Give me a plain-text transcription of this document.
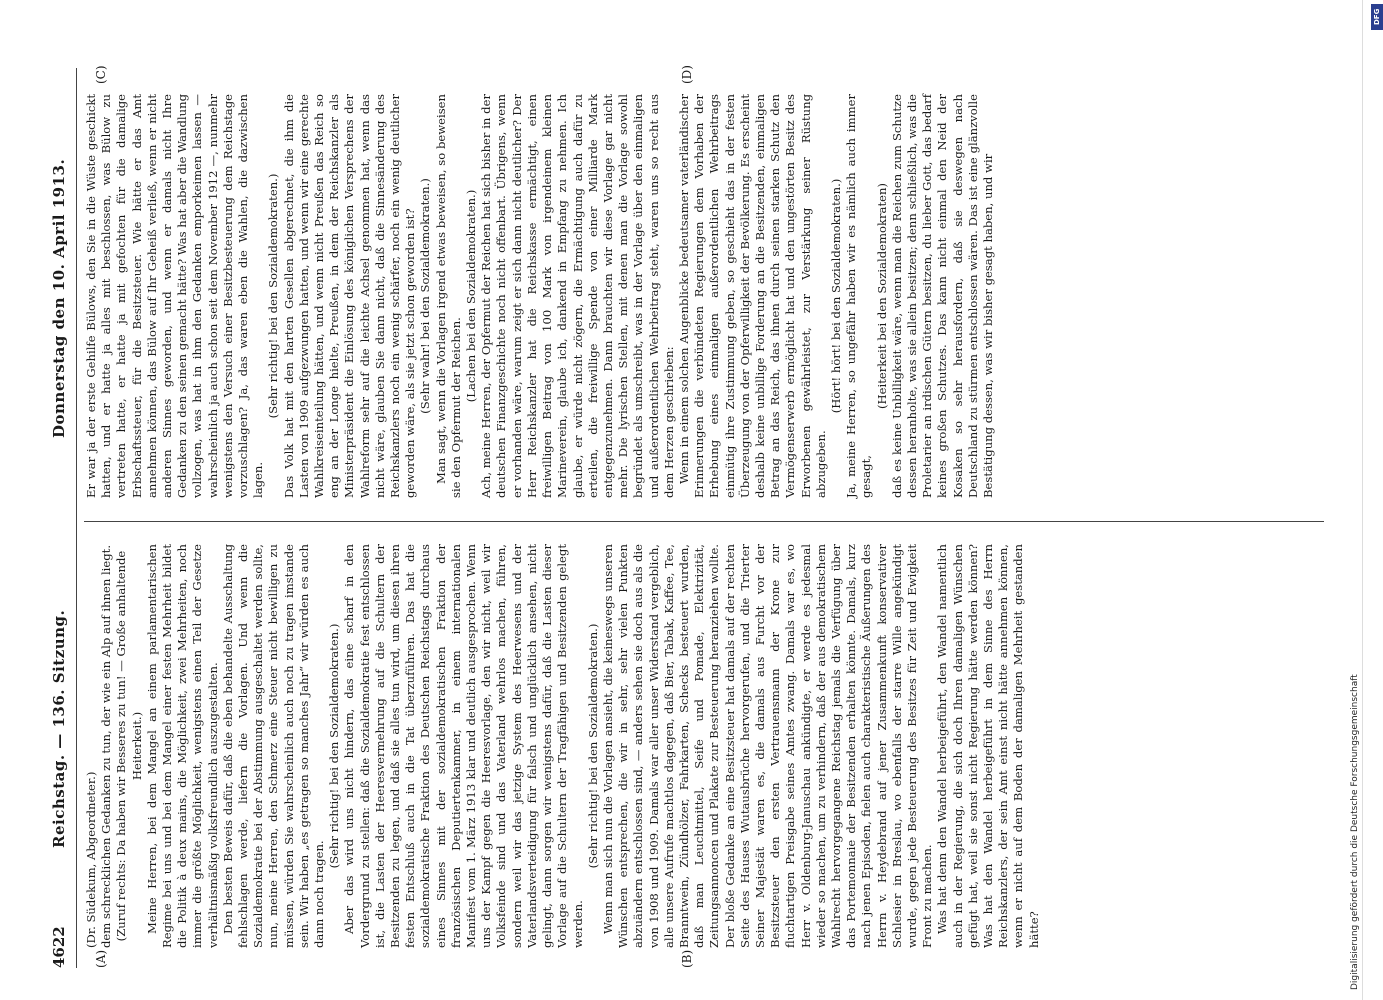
4622
Reichstag. — 136. Sitzung.
Donnerstag den 10. April 1913.
(A)	(B)
(C)	(D)

(Dr. Südekum, Abgeordneter.) dem schrecklichen Gedanken zu tun, der wie ein Alp auf ihnen liegt. (Zuruf rechts: Da haben wir Besseres zu tun! — Große anhaltende Heiterkeit.) Meine Herren, bei dem Mangel an einem parlamentarischen Regime bei uns und bei dem Mangel einer festen Mehrheit bildet die Politik à deux mains, die Möglichkeit, zwei Mehrheiten, noch immer die größte Möglichkeit, wenigstens einen Teil der Gesetze verhältnismäßig volksfreundlich auszugestalten. Den besten Beweis dafür, daß die eben behandelte Ausschaltung fehlschlagen werde, liefern die Vorlagen. Und wenn die Sozialdemokratie bei der Abstimmung ausgeschaltet werden sollte, nun, meine Herren, den Schmerz eine Steuer nicht bewilligen zu müssen, würden Sie wahrscheinlich auch noch zu tragen imstande sein. Wir haben „es getragen so manches Jahr“ wir würden es auch dann noch tragen.

(Sehr richtig! bei den Sozialdemokraten.) Aber das wird uns nicht hindern, das eine scharf in den Vordergrund zu stellen: daß die Sozialdemokratie fest entschlossen ist, die Lasten der Heeresvermehrung auf die Schultern der Besitzenden zu legen, und daß sie alles tun wird, um diesen ihren festen Entschluß auch in die Tat überzuführen. Das hat die sozialdemokratische Fraktion des Deutschen Reichstags durchaus eines Sinnes mit der sozialdemokratischen Fraktion der französischen Deputiertenkammer, in einem internationalen Manifest vom 1. März 1913 klar und deutlich ausgesprochen. Wenn uns der Kampf gegen die Heeresvorlage, den wir nicht, weil wir Volksfeinde sind und das Vaterland wehrlos machen, führen, sondern weil wir das jetzige System des Heerwesens und der Vaterlandsverteidigung für falsch und unglücklich ansehen, nicht gelingt, dann sorgen wir wenigstens dafür, daß die Lasten dieser Vorlage auf die Schultern der Tragfähigen und Besitzenden gelegt werden.

(Sehr richtig! bei den Sozialdemokraten.) Wenn man sich nun die Vorlagen ansieht, die keineswegs unseren Wünschen entsprechen, die wir in sehr, sehr vielen Punkten abzuändern entschlossen sind, — anders sehen sie doch aus als die von 1908 und 1909. Damals war aller unser Widerstand vergeblich, alle unsere Aufrufe machtlos dagegen, daß Bier, Tabak, Kaffee, Tee, Branntwein, Zündhölzer, Fahrkarten, Schecks besteuert wurden, daß man Leuchtmittel, Seife und Pomade, Elektrizität, Zeitungsannoncen und Plakate zur Besteuerung heranziehen wollte. Der bloße Gedanke an eine Besitzsteuer hat damals auf der rechten Seite des Hauses Wutausbrüche hervorgerufen, und die Trierter Seiner Majestät waren es, die damals aus Furcht vor der Besitzsteuer den ersten Vertrauensmann der Krone zur fluchtartigen Preisgabe seines Amtes zwang. Damals war es, wo Herr v. Oldenburg-Januschau ankündigte, er werde es jedesmal wieder so machen, um zu verhindern, daß der aus demokratischem Wahlrecht hervorgegangene Reichstag jemals die Verfügung über das Portemonnaie der Besitzenden erhalten könnte. Damals, kurz nach jenen Episoden, fielen auch charakteristische Äußerungen des Herrn v. Heydebrand auf jener Zusammenkunft konservativer Schlesier in Breslau, wo ebenfalls der starre Wille angekündigt wurde, gegen jede Besteuerung des Besitzes für Zeit und Ewigkeit Front zu machen. Was hat denn den Wandel herbeigeführt, den Wandel namentlich auch in der Regierung, die sich doch Ihren damaligen Wünschen gefügt hat, weil sie sonst nicht Regierung hätte werden können? Was hat den Wandel herbeigeführt in dem Sinne des Herrn Reichskanzlers, der sein Amt einst nicht hätte annehmen können, wenn er nicht auf dem Boden der damaligen Mehrheit gestanden hätte?

Er war ja der erste Gehilfe Bülows, den Sie in die Wüste geschickt hatten, und er hatte ja alles mit beschlossen, was Bülow zu vertreten hatte, er hatte ja mit gefochten für die damalige Erbschaftssteuer, für die Besitzsteuer. Wie hätte er das Amt annehmen können, das Bülow auf Ihr Geheiß verließ, wenn er nicht anderen Sinnes geworden, und wenn er damals nicht Ihre Gedanken zu den seinen gemacht hätte? Was hat aber die Wandlung vollzogen, was hat in ihm den Gedanken emporkeimen lassen — wahrscheinlich ja auch schon seit dem November 1912 —, nunmehr wenigstens den Versuch einer Besitzbesteuerung dem Reichstage vorzuschlagen? Ja, das waren eben die Wahlen, die dazwischen lagen.

(Sehr richtig! bei den Sozialdemokraten.) Das Volk hat mit den harten Gesellen abgerechnet, die ihm die Lasten von 1909 aufgezwungen hatten, und wenn wir eine gerechte Wahlkreiseinteilung hätten, und wenn nicht Preußen das Reich so eng an der Longe hielte, Preußen, in dem der Reichskanzler als Ministerpräsident die Einlösung des königlichen Versprechens der Wahlreform sehr auf die leichte Achsel genommen hat, wenn das nicht wäre, glauben Sie dann nicht, daß die Sinnesänderung des Reichskanzlers noch ein wenig schärfer, noch ein wenig deutlicher geworden wäre, als sie jetzt schon geworden ist? (Sehr wahr! bei den Sozialdemokraten.) Man sagt, wenn die Vorlagen irgend etwas beweisen, so beweisen sie den Opfermut der Reichen.

(Lachen bei den Sozialdemokraten.) Ach, meine Herren, der Opfermut der Reichen hat sich bisher in der deutschen Finanzgeschichte noch nicht offenbart. Übrigens, wenn er vorhanden wäre, warum zeigt er sich dann nicht deutlicher? Der Herr Reichskanzler hat die Reichskasse ermächtigt, einen freiwilligen Beitrag von 100 Mark von irgendeinem kleinen Marineverein, glaube ich, dankend in Empfang zu nehmen. Ich glaube, er würde nicht zögern, die Ermächtigung auch dafür zu erteilen, die freiwillige Spende von einer Milliarde Mark entgegenzunehmen. Dann brauchten wir diese Vorlage gar nicht mehr. Die lyrischen Stellen, mit denen man die Vorlage sowohl begründet als umschreibt, was in der Vorlage über den einmaligen und außerordentlichen Wehrbeitrag steht, waren uns so recht aus dem Herzen geschrieben: Wenn in einem solchen Augenblicke bedeutsamer vaterländischer Erinnerungen die verbündeten Regierungen dem Vorhaben der Erhebung eines einmaligen außerordentlichen Wehrbeitrags einmütig ihre Zustimmung geben, so geschieht das in der festen Überzeugung von der Opferwilligkeit der Bevölkerung. Es erscheint deshalb keine unbillige Forderung an die Besitzenden, einmaligen Betrag an das Reich, das ihnen durch seinen starken Schutz den Vermögenserwerb ermöglicht hat und den ungestörten Besitz des Erworbenen gewährleistet, zur Verstärkung seiner Rüstung abzugeben.

(Hört! hört! bei den Sozialdemokraten.) Ja, meine Herren, so ungefähr haben wir es nämlich auch immer gesagt,

(Heiterkeit bei den Sozialdemokraten) daß es keine Unbilligkeit wäre, wenn man die Reichen zum Schutze dessen heranholte, was sie allein besitzen; denn schließlich, was die Proletarier an irdischen Gütern besitzen, du lieber Gott, das bedarf keines großen Schutzes. Das kann nicht einmal den Neid der Kosaken so sehr herausfordern, daß sie deswegen nach Deutschland zu stürmen entschlossen wären. Das ist eine glänzvolle Bestätigung dessen, was wir bisher gesagt haben, und wir

DFG
Digitalisierung gefördert durch die Deutsche Forschungsgemeinschaft
